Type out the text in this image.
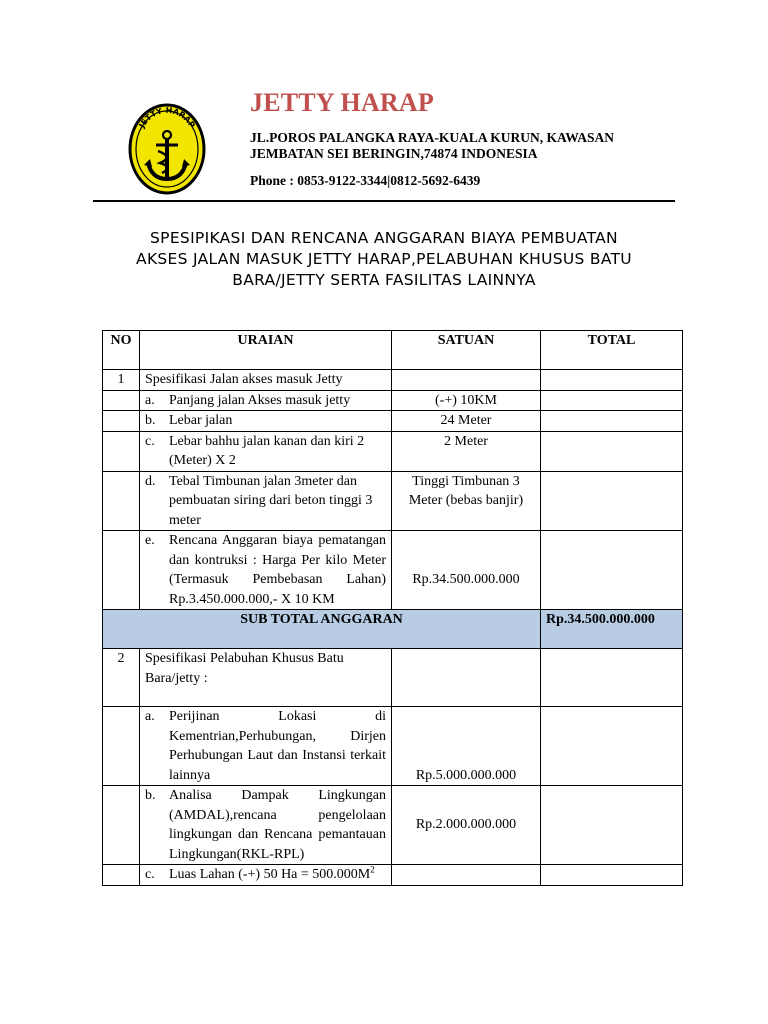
JETTY HARAP
JETTY HARAP
JL.POROS PALANGKA RAYA-KUALA KURUN, KAWASAN
JEMBATAN SEI BERINGIN,74874 INDONESIA
Phone : 0853-9122-3344|0812-5692-6439
SPESIPIKASI DAN RENCANA ANGGARAN BIAYA PEMBUATAN
AKSES JALAN MASUK JETTY HARAP,PELABUHAN KHUSUS BATU
BARA/JETTY SERTA FASILITAS LAINNYA
NO	URAIAN	SATUAN	TOTAL
1	Spesifikasi Jalan akses masuk Jetty		

	a. Panjang jalan Akses masuk jetty	(-+) 10KM	

	b. Lebar jalan	24 Meter	

	c. Lebar bahhu jalan kanan dan kiri 2 (Meter) X 2	2 Meter	

	d. Tebal Timbunan jalan 3meter dan pembuatan siring dari beton tinggi 3 meter	Tinggi Timbunan 3 Meter (bebas banjir)	

	e. Rencana Anggaran biaya pematangan dan kontruksi : Harga Per kilo Meter (Termasuk Pembebasan Lahan) Rp.3.450.000.000,- X 10 KM	Rp.34.500.000.000	
SUB TOTAL ANGGARAN			Rp.34.500.000.000
2	Spesifikasi Pelabuhan Khusus Batu Bara/jetty :		

	a. Perijinan Lokasi di Kementrian,Perhubungan, Dirjen Perhubungan Laut dan Instansi terkait lainnya	Rp.5.000.000.000	

	b. Analisa Dampak Lingkungan (AMDAL),rencana pengelolaan lingkungan dan Rencana pemantauan Lingkungan(RKL-RPL)	Rp.2.000.000.000	

	c. Luas Lahan (-+) 50 $Ha = 500.000M^2$
